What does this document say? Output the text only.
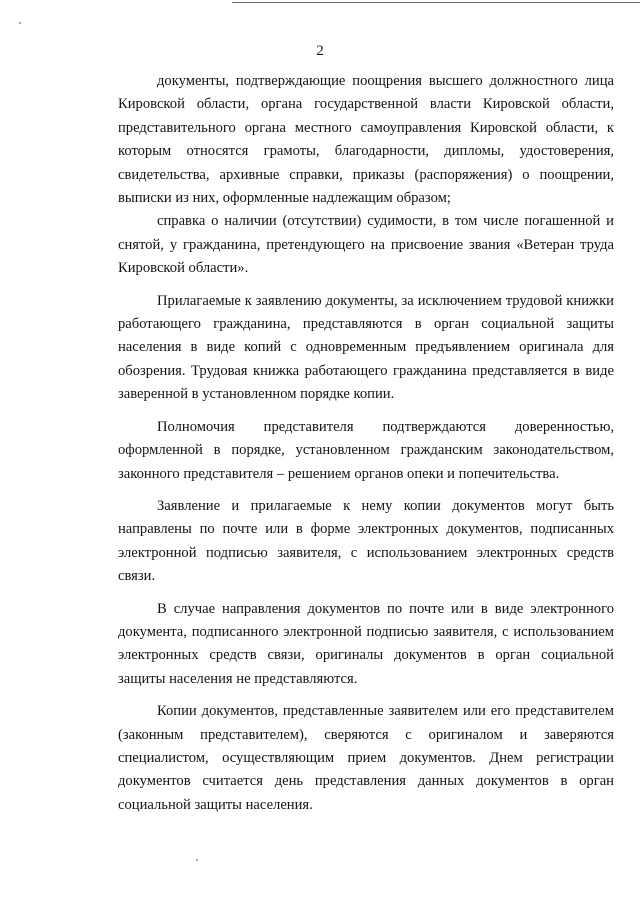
2

документы, подтверждающие поощрения высшего должностного лица Кировской области, органа государственной власти Кировской области, представительного органа местного самоуправления Кировской области, к которым относятся грамоты, благодарности, дипломы, удостоверения, свидетельства, архивные справки, приказы (распоряжения) о поощрении, выписки из них, оформленные надлежащим образом;

справка о наличии (отсутствии) судимости, в том числе погашенной и снятой, у гражданина, претендующего на присвоение звания «Ветеран труда Кировской области».

Прилагаемые к заявлению документы, за исключением трудовой книжки работающего гражданина, представляются в орган социальной защиты населения в виде копий с одновременным предъявлением оригинала для обозрения. Трудовая книжка работающего гражданина представляется в виде заверенной в установленном порядке копии.

Полномочия представителя подтверждаются доверенностью, оформленной в порядке, установленном гражданским законодательством, законного представителя – решением органов опеки и попечительства.

Заявление и прилагаемые к нему копии документов могут быть направлены по почте или в форме электронных документов, подписанных электронной подписью заявителя, с использованием электронных средств связи.

В случае направления документов по почте или в виде электронного документа, подписанного электронной подписью заявителя, с использованием электронных средств связи, оригиналы документов в орган социальной защиты населения не представляются.

Копии документов, представленные заявителем или его представителем (законным представителем), сверяются с оригиналом и заверяются специалистом, осуществляющим прием документов. Днем регистрации документов считается день представления данных документов в орган социальной защиты населения.
